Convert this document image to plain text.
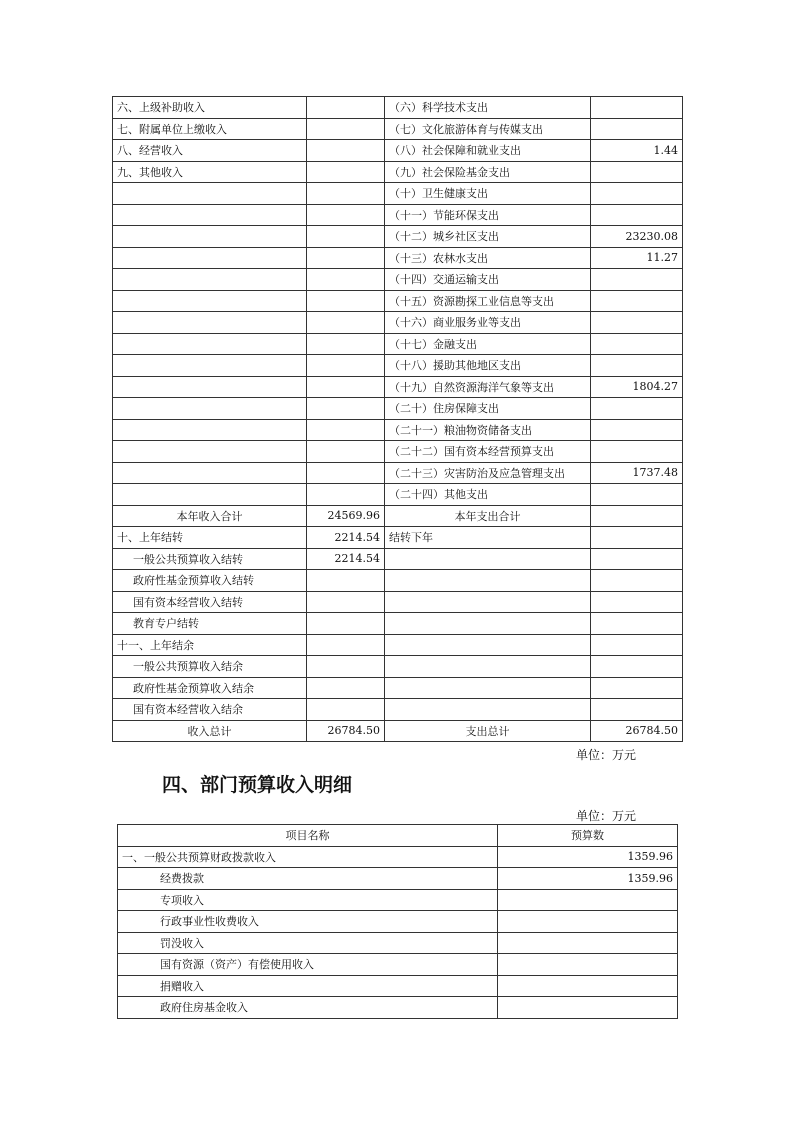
六、上级补助收入		（六）科学技术支出	
七、附属单位上缴收入		（七）文化旅游体育与传媒支出	
八、经营收入		（八）社会保障和就业支出	1.44
九、其他收入		（九）社会保险基金支出	
		（十）卫生健康支出	
		（十一）节能环保支出	
		（十二）城乡社区支出	23230.08
		（十三）农林水支出	11.27
		（十四）交通运输支出	
		（十五）资源勘探工业信息等支出	
		（十六）商业服务业等支出	
		（十七）金融支出	
		（十八）援助其他地区支出	
		（十九）自然资源海洋气象等支出	1804.27
		（二十）住房保障支出	
		（二十一）粮油物资储备支出	
		（二十二）国有资本经营预算支出	
		（二十三）灾害防治及应急管理支出	1737.48
		（二十四）其他支出	
本年收入合计	24569.96	本年支出合计	
十、上年结转	2214.54	结转下年	
一般公共预算收入结转	2214.54		
政府性基金预算收入结转			
国有资本经营收入结转			
教育专户结转			
十一、上年结余			
一般公共预算收入结余			
政府性基金预算收入结余			
国有资本经营收入结余			
收入总计	26784.50	支出总计	26784.50
单位：万元
四、部门预算收入明细
单位：万元
项目名称	预算数
一、一般公共预算财政拨款收入	1359.96
经费拨款	1359.96
专项收入	
行政事业性收费收入	
罚没收入	
国有资源（资产）有偿使用收入	
捐赠收入	
政府住房基金收入	
